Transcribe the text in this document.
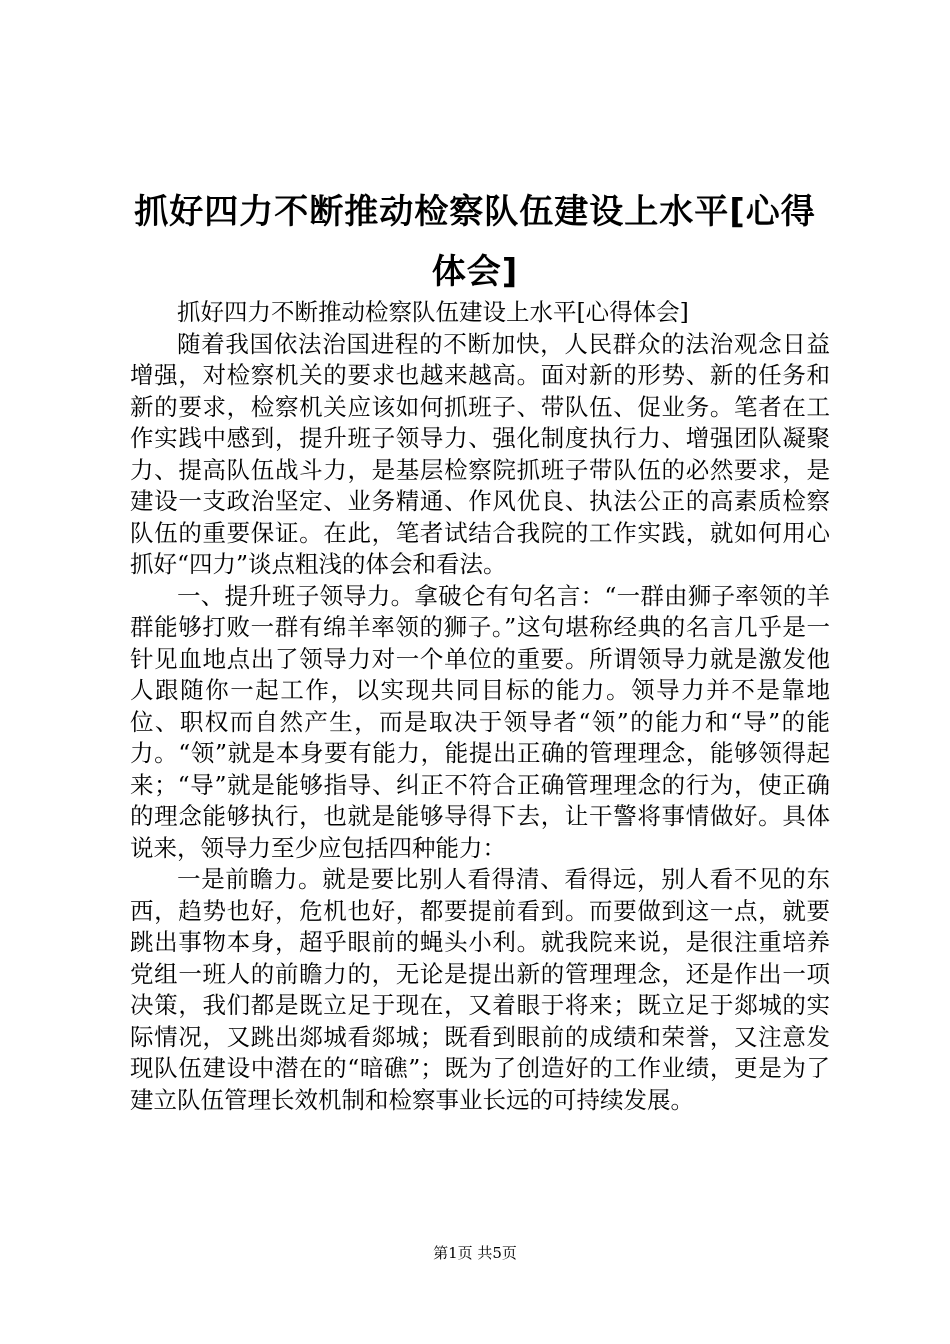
抓好四力不断推动检察队伍建设上水平[心得体会]

抓好四力不断推动检察队伍建设上水平[心得体会]

随着我国依法治国进程的不断加快，人民群众的法治观念日益增强，对检察机关的要求也越来越高。面对新的形势、新的任务和新的要求，检察机关应该如何抓班子、带队伍、促业务。笔者在工作实践中感到，提升班子领导力、强化制度执行力、增强团队凝聚力、提高队伍战斗力，是基层检察院抓班子带队伍的必然要求，是建设一支政治坚定、业务精通、作风优良、执法公正的高素质检察队伍的重要保证。在此，笔者试结合我院的工作实践，就如何用心抓好“四力”谈点粗浅的体会和看法。

一、提升班子领导力。拿破仑有句名言：“一群由狮子率领的羊群能够打败一群有绵羊率领的狮子。”这句堪称经典的名言几乎是一针见血地点出了领导力对一个单位的重要。所谓领导力就是激发他人跟随你一起工作，以实现共同目标的能力。领导力并不是靠地位、职权而自然产生，而是取决于领导者“领”的能力和“导”的能力。“领”就是本身要有能力，能提出正确的管理理念，能够领得起来；“导”就是能够指导、纠正不符合正确管理理念的行为，使正确的理念能够执行，也就是能够导得下去，让干警将事情做好。具体说来，领导力至少应包括四种能力：

一是前瞻力。就是要比别人看得清、看得远，别人看不见的东西，趋势也好，危机也好，都要提前看到。而要做到这一点，就要跳出事物本身，超乎眼前的蝇头小利。就我院来说，是很注重培养党组一班人的前瞻力的，无论是提出新的管理理念，还是作出一项决策，我们都是既立足于现在，又着眼于将来；既立足于郯城的实际情况，又跳出郯城看郯城；既看到眼前的成绩和荣誉，又注意发现队伍建设中潜在的“暗礁”；既为了创造好的工作业绩，更是为了建立队伍管理长效机制和检察事业长远的可持续发展。

第1页 共5页
